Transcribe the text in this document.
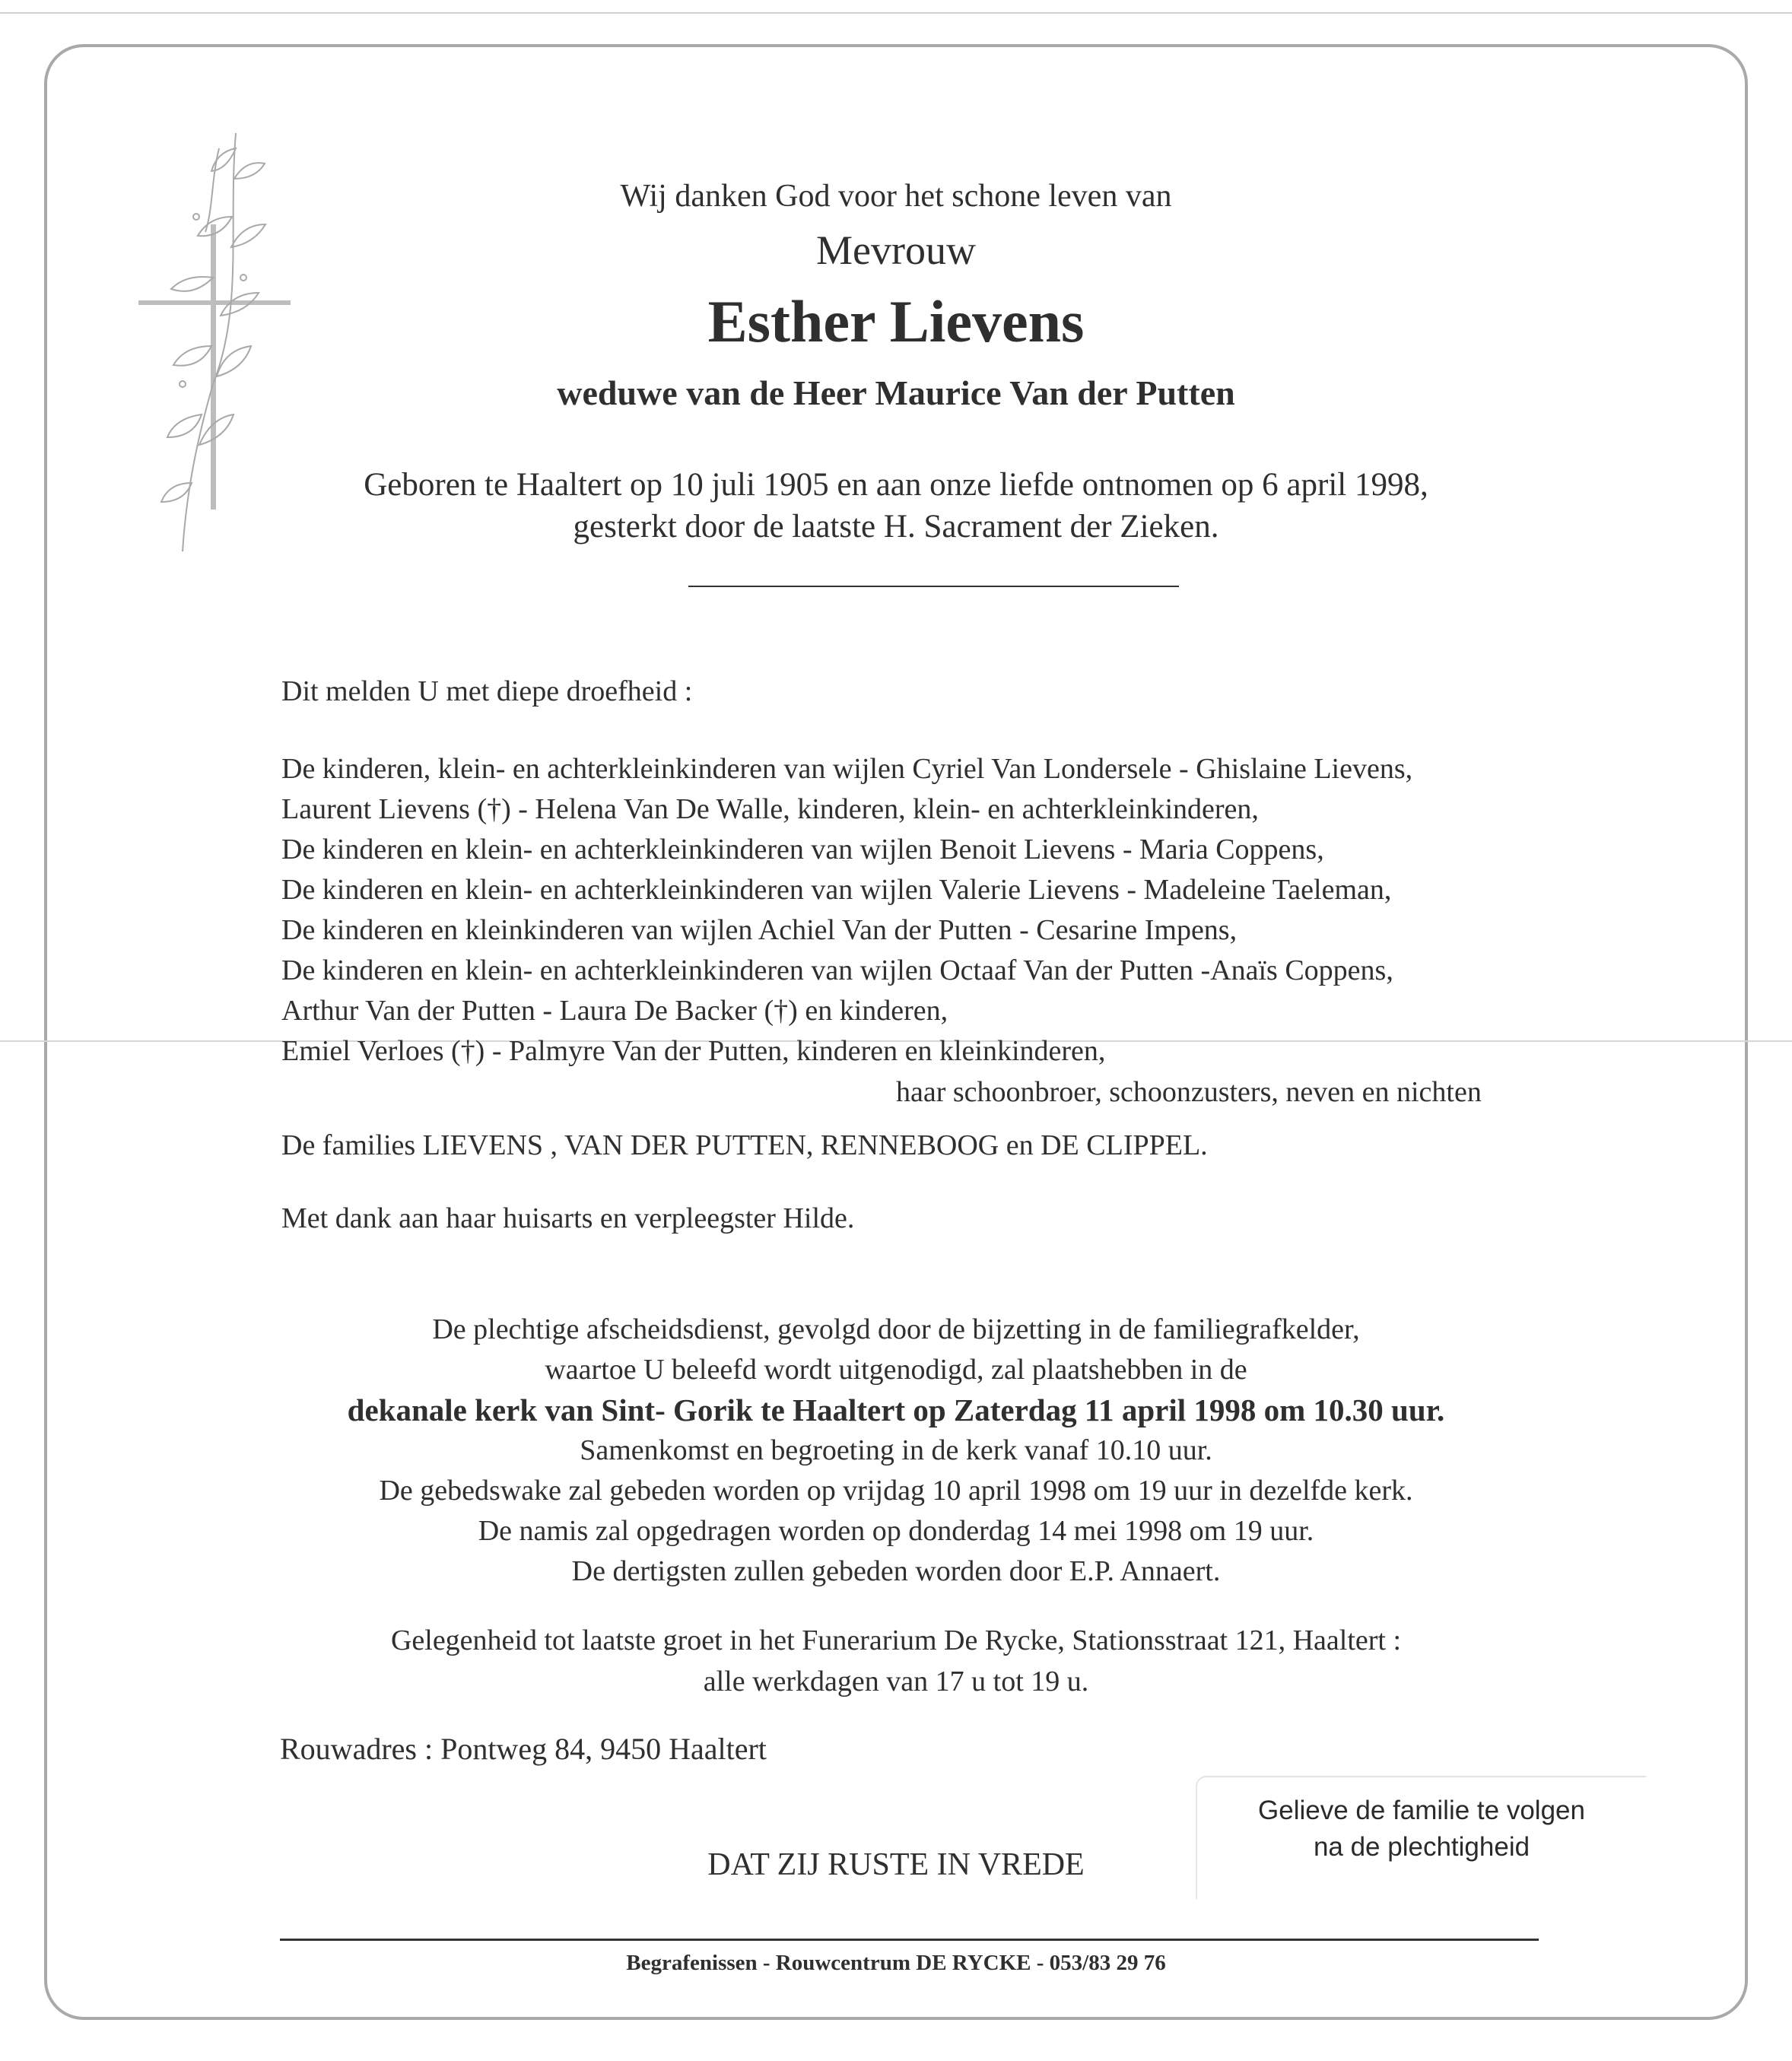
Wij danken God voor het schone leven van

Mevrouw

Esther Lievens

weduwe van de Heer Maurice Van der Putten

Geboren te Haaltert op 10 juli 1905 en aan onze liefde ontnomen op 6 april 1998,

gesterkt door de laatste H. Sacrament der Zieken.

Dit melden U met diepe droefheid :

De kinderen, klein- en achterkleinkinderen van wijlen Cyriel Van Londersele - Ghislaine Lievens,

Laurent Lievens (†) - Helena Van De Walle, kinderen, klein- en achterkleinkinderen,

De kinderen en klein- en achterkleinkinderen van wijlen Benoit Lievens - Maria Coppens,

De kinderen en klein- en achterkleinkinderen van wijlen Valerie Lievens - Madeleine Taeleman,

De kinderen en kleinkinderen van wijlen Achiel Van der Putten - Cesarine Impens,

De kinderen en klein- en achterkleinkinderen van wijlen Octaaf Van der Putten -Anaïs Coppens,

Arthur Van der Putten - Laura De Backer (†) en kinderen,

Emiel Verloes (†) - Palmyre Van der Putten, kinderen en kleinkinderen,

haar schoonbroer, schoonzusters, neven en nichten

De families LIEVENS , VAN DER PUTTEN, RENNEBOOG en DE CLIPPEL.

Met dank aan haar huisarts en verpleegster Hilde.

De plechtige afscheidsdienst, gevolgd door de bijzetting in de familiegrafkelder,

waartoe U beleefd wordt uitgenodigd, zal plaatshebben in de

dekanale kerk van Sint- Gorik te Haaltert op Zaterdag 11 april 1998 om 10.30 uur.

Samenkomst en begroeting in de kerk vanaf 10.10 uur.

De gebedswake zal gebeden worden op vrijdag 10 april 1998 om 19 uur in dezelfde kerk.

De namis zal opgedragen worden op donderdag 14 mei 1998 om 19 uur.

De dertigsten zullen gebeden worden door E.P. Annaert.

Gelegenheid tot laatste groet in het Funerarium De Rycke, Stationsstraat 121, Haaltert :

alle werkdagen van 17 u tot 19 u.

Rouwadres : Pontweg 84, 9450 Haaltert

Gelieve de familie te volgen

na de plechtigheid

DAT ZIJ RUSTE IN VREDE

Begrafenissen - Rouwcentrum DE RYCKE - 053/83 29 76
